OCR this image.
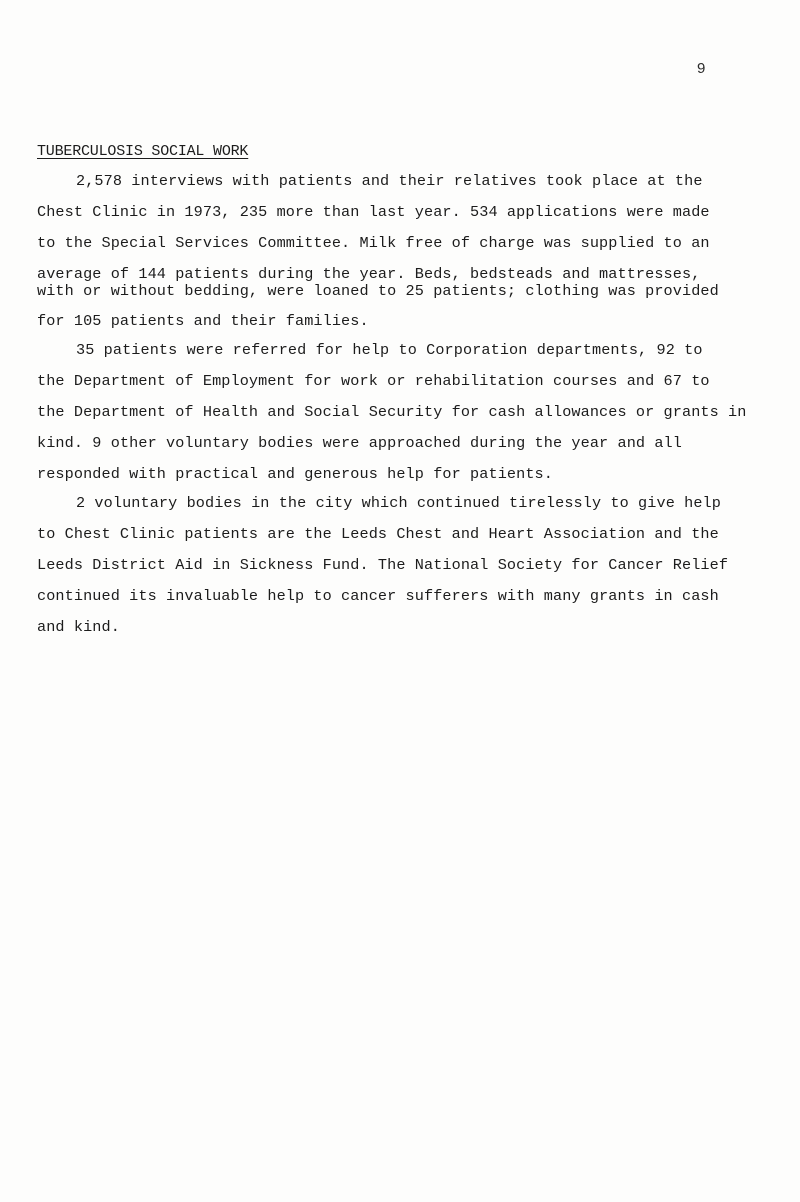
9
TUBERCULOSIS SOCIAL WORK
2,578 interviews with patients and their relatives took place at the
Chest Clinic in 1973, 235 more than last year. 534 applications were made
to the Special Services Committee. Milk free of charge was supplied to an
average of 144 patients during the year. Beds, bedsteads and mattresses,
with or without bedding, were loaned to 25 patients; clothing was provided
for 105 patients and their families.
35 patients were referred for help to Corporation departments, 92 to
the Department of Employment for work or rehabilitation courses and 67 to
the Department of Health and Social Security for cash allowances or grants in
kind. 9 other voluntary bodies were approached during the year and all
responded with practical and generous help for patients.
2 voluntary bodies in the city which continued tirelessly to give help
to Chest Clinic patients are the Leeds Chest and Heart Association and the
Leeds District Aid in Sickness Fund. The National Society for Cancer Relief
continued its invaluable help to cancer sufferers with many grants in cash
and kind.
